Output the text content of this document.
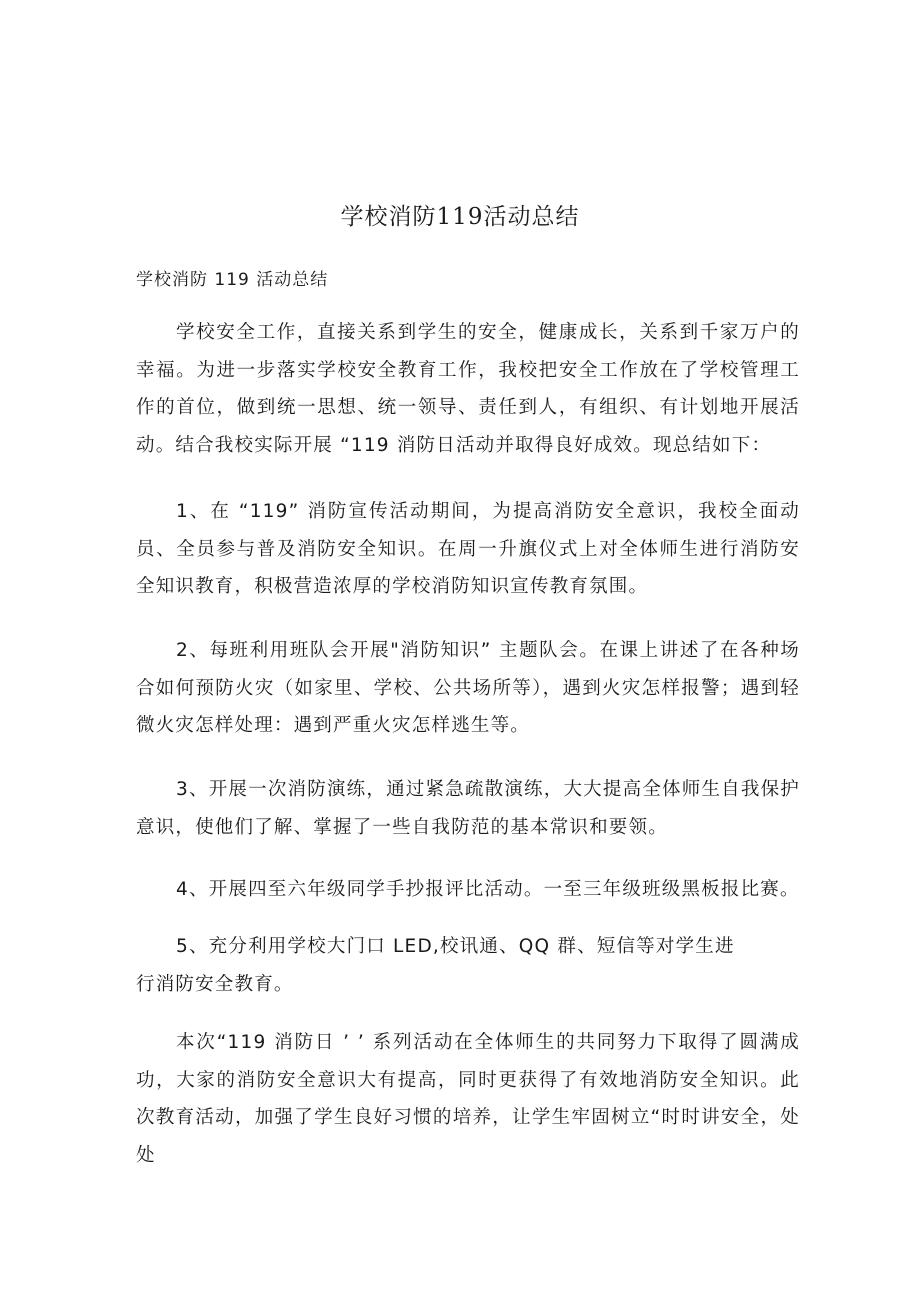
学校消防119活动总结
学校消防 119 活动总结

学校安全工作，直接关系到学生的安全，健康成长，关系到千家万户的幸福。为进一步落实学校安全教育工作，我校把安全工作放在了学校管理工作的首位，做到统一思想、统一领导、责任到人，有组织、有计划地开展活动。结合我校实际开展 “119 消防日活动并取得良好成效。现总结如下：

1、在 “119” 消防宣传活动期间，为提高消防安全意识，我校全面动员、全员参与普及消防安全知识。在周一升旗仪式上对全体师生进行消防安全知识教育，积极营造浓厚的学校消防知识宣传教育氛围。

2、每班利用班队会开展"消防知识” 主题队会。在课上讲述了在各种场合如何预防火灾（如家里、学校、公共场所等），遇到火灾怎样报警；遇到轻微火灾怎样处理：遇到严重火灾怎样逃生等。

3、开展一次消防演练，通过紧急疏散演练，大大提高全体师生自我保护意识，使他们了解、掌握了一些自我防范的基本常识和要领。

4、开展四至六年级同学手抄报评比活动。一至三年级班级黑板报比赛。

5、充分利用学校大门口 LED,校讯通、QQ 群、短信等对学生进
行消防安全教育。

本次“119 消防日 ’ ’ 系列活动在全体师生的共同努力下取得了圆满成功，大家的消防安全意识大有提高，同时更获得了有效地消防安全知识。此次教育活动，加强了学生良好习惯的培养，让学生牢固树立“时时讲安全，处处
